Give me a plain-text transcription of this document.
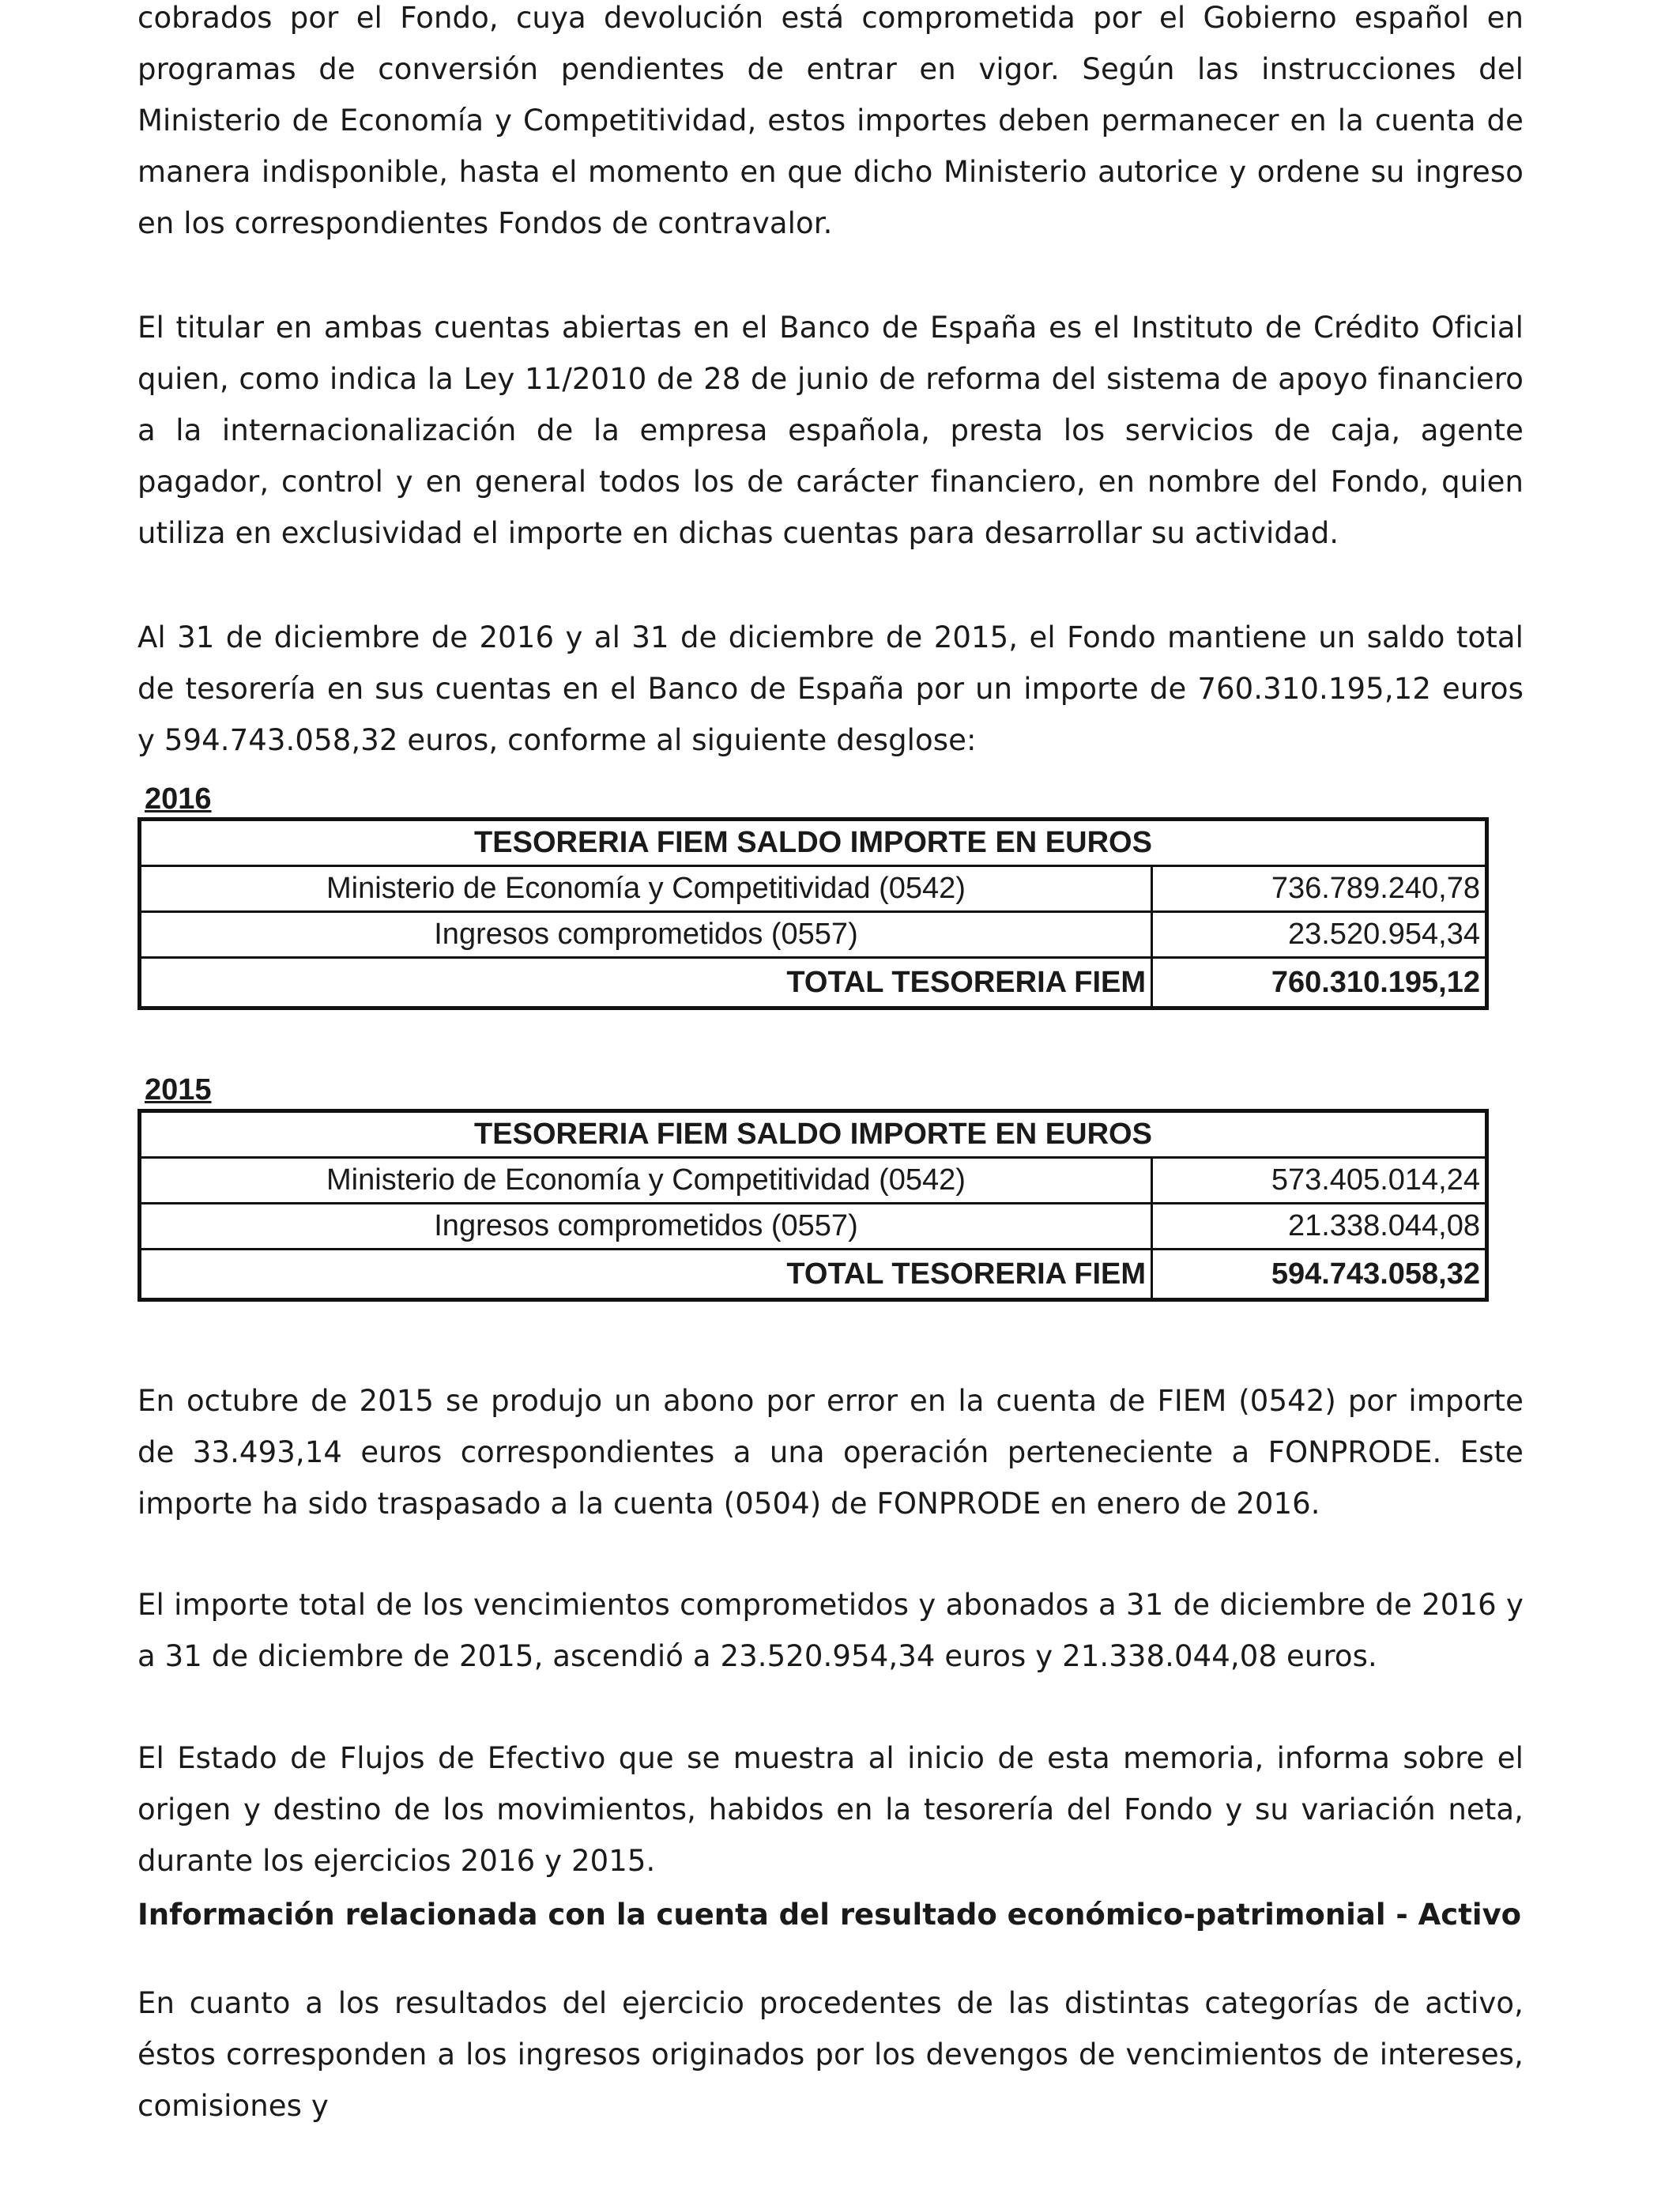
cobrados por el Fondo, cuya devolución está comprometida por el Gobierno español en programas de conversión pendientes de entrar en vigor. Según las instrucciones del Ministerio de Economía y Competitividad, estos importes deben permanecer en la cuenta de manera indisponible, hasta el momento en que dicho Ministerio autorice y ordene su ingreso en los correspondientes Fondos de contravalor.

El titular en ambas cuentas abiertas en el Banco de España es el Instituto de Crédito Oficial quien, como indica la Ley 11/2010 de 28 de junio de reforma del sistema de apoyo financiero a la internacionalización de la empresa española, presta los servicios de caja, agente pagador, control y en general todos los de carácter financiero, en nombre del Fondo, quien utiliza en exclusividad el importe en dichas cuentas para desarrollar su actividad.

Al 31 de diciembre de 2016 y al 31 de diciembre de 2015, el Fondo mantiene un saldo total de tesorería en sus cuentas en el Banco de España por un importe de 760.310.195,12 euros y 594.743.058,32 euros, conforme al siguiente desglose:

2016
TESORERIA FIEM SALDO IMPORTE EN EUROS	
Ministerio de Economía y Competitividad (0542)	736.789.240,78
Ingresos comprometidos (0557)	23.520.954,34
TOTAL TESORERIA FIEM	760.310.195,12
2015
TESORERIA FIEM SALDO IMPORTE EN EUROS	
Ministerio de Economía y Competitividad (0542)	573.405.014,24
Ingresos comprometidos (0557)	21.338.044,08
TOTAL TESORERIA FIEM	594.743.058,32

En octubre de 2015 se produjo un abono por error en la cuenta de FIEM (0542) por importe de 33.493,14 euros correspondientes a una operación perteneciente a FONPRODE. Este importe ha sido traspasado a la cuenta (0504) de FONPRODE en enero de 2016.

El importe total de los vencimientos comprometidos y abonados a 31 de diciembre de 2016 y a 31 de diciembre de 2015, ascendió a 23.520.954,34 euros y 21.338.044,08 euros.

El Estado de Flujos de Efectivo que se muestra al inicio de esta memoria, informa sobre el origen y destino de los movimientos, habidos en la tesorería del Fondo y su variación neta, durante los ejercicios 2016 y 2015.

Información relacionada con la cuenta del resultado económico-patrimonial - Activo

En cuanto a los resultados del ejercicio procedentes de las distintas categorías de activo, éstos corresponden a los ingresos originados por los devengos de vencimientos de intereses, comisiones y
